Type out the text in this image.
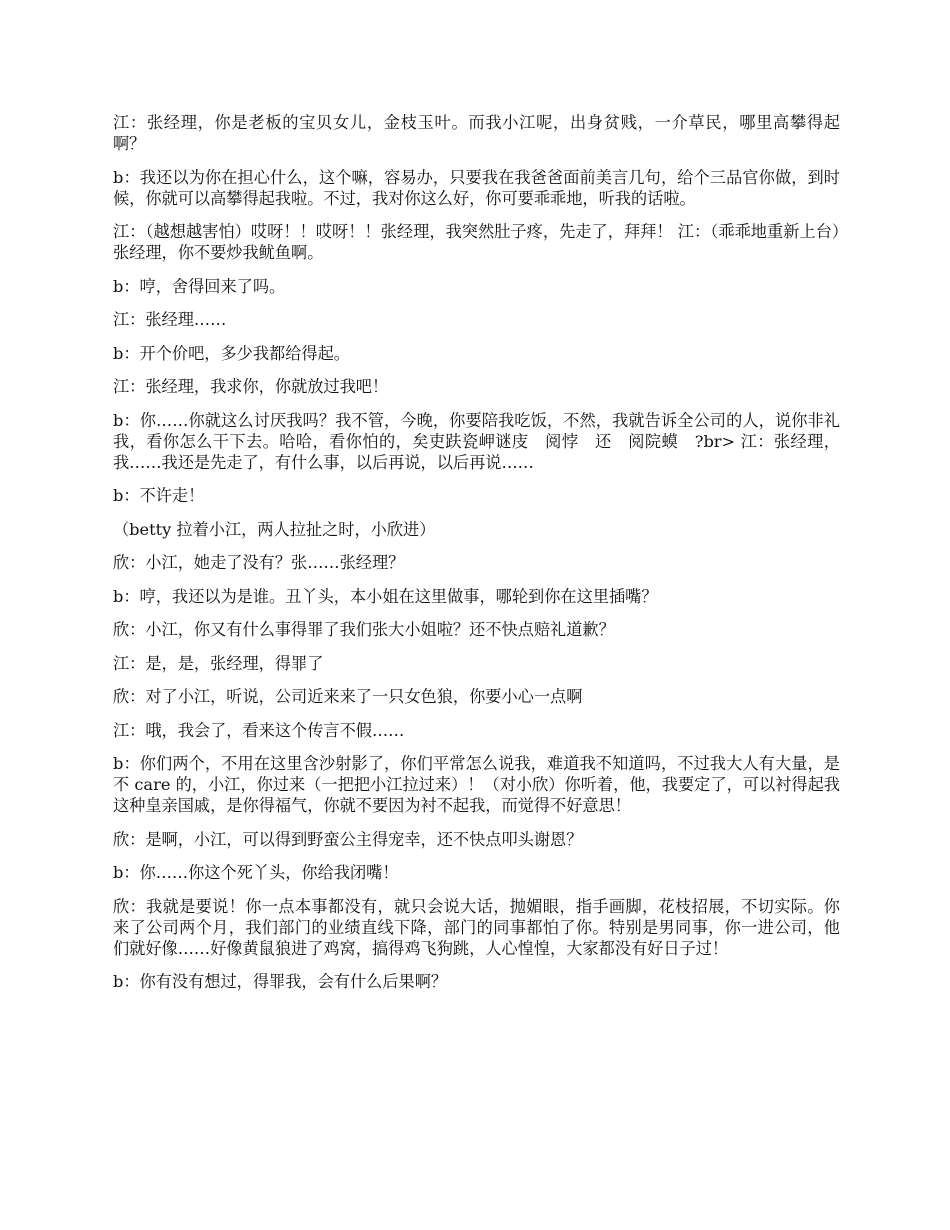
江：张经理，你是老板的宝贝女儿，金枝玉叶。而我小江呢，出身贫贱，一介草民，哪里高攀得起啊？

b：我还以为你在担心什么，这个嘛，容易办，只要我在我爸爸面前美言几句，给个三品官你做，到时候，你就可以高攀得起我啦。不过，我对你这么好，你可要乖乖地，听我的话啦。

江：（越想越害怕）哎呀！！哎呀！！张经理，我突然肚子疼，先走了，拜拜！ 江：（乖乖地重新上台）张经理，你不要炒我鱿鱼啊。

b：哼，舍得回来了吗。

江：张经理……

b：开个价吧，多少我都给得起。

江：张经理，我求你，你就放过我吧！

b：你……你就这么讨厌我吗？我不管，今晚，你要陪我吃饭，不然，我就告诉全公司的人，说你非礼我，看你怎么干下去。哈哈，看你怕的，矣吏趺瓷岬谜庋　阅悖　还　阅院蟆　?br> 江：张经理，我……我还是先走了，有什么事，以后再说，以后再说……

b：不许走！

（betty 拉着小江，两人拉扯之时，小欣进）

欣：小江，她走了没有？张……张经理？

b：哼，我还以为是谁。丑丫头，本小姐在这里做事，哪轮到你在这里插嘴？

欣：小江，你又有什么事得罪了我们张大小姐啦？还不快点赔礼道歉？

江：是，是，张经理，得罪了

欣：对了小江，听说，公司近来来了一只女色狼，你要小心一点啊

江：哦，我会了，看来这个传言不假……

b：你们两个，不用在这里含沙射影了，你们平常怎么说我，难道我不知道吗，不过我大人有大量，是不 care 的，小江，你过来（一把把小江拉过来）！（对小欣）你听着，他，我要定了，可以衬得起我这种皇亲国戚，是你得福气，你就不要因为衬不起我，而觉得不好意思！

欣：是啊，小江，可以得到野蛮公主得宠幸，还不快点叩头谢恩？

b：你……你这个死丫头，你给我闭嘴！

欣：我就是要说！你一点本事都没有，就只会说大话，抛媚眼，指手画脚，花枝招展，不切实际。你来了公司两个月，我们部门的业绩直线下降，部门的同事都怕了你。特别是男同事，你一进公司，他们就好像……好像黄鼠狼进了鸡窝，搞得鸡飞狗跳，人心惶惶，大家都没有好日子过！

b：你有没有想过，得罪我，会有什么后果啊？
